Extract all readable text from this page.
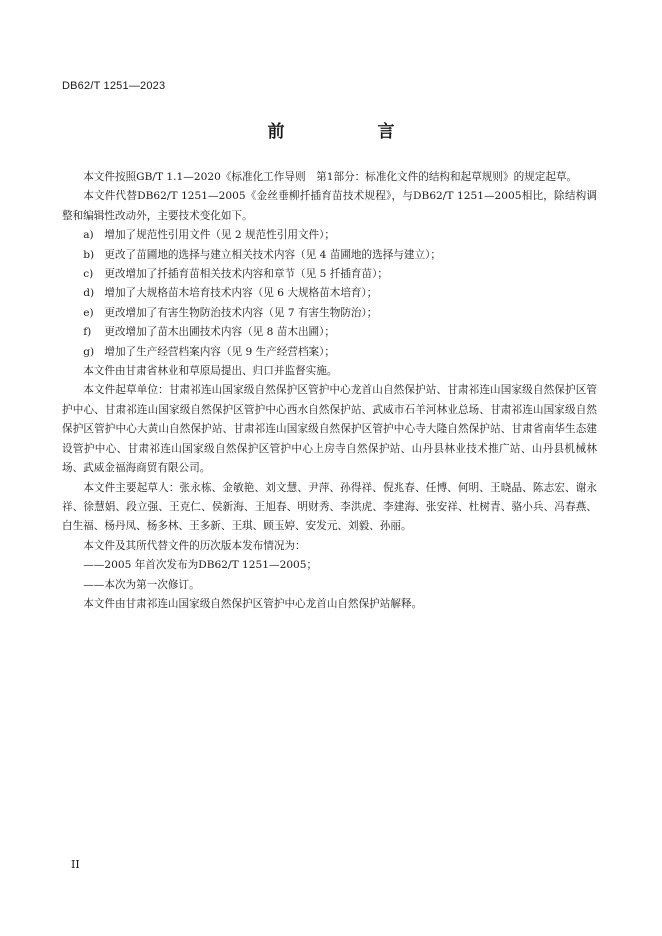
DB62/T 1251—2023
前　言

本文件按照GB/T 1.1—2020《标准化工作导则　第1部分：标准化文件的结构和起草规则》的规定起草。

本文件代替DB62/T 1251—2005《金丝垂柳扦插育苗技术规程》，与DB62/T 1251—2005相比，除结构调整和编辑性改动外，主要技术变化如下。

a)	增加了规范性引用文件（见 2 规范性引用文件）；
b) 更改了苗圃地的选择与建立相关技术内容（见 4 苗圃地的选择与建立）；
c)	更改增加了扦插育苗相关技术内容和章节（见 5 扦插育苗）；
d) 增加了大规格苗木培育技术内容（见 6 大规格苗木培育）；
e)	更改增加了有害生物防治技术内容（见 7 有害生物防治）；
f)	更改增加了苗木出圃技术内容（见 8 苗木出圃）；
g) 增加了生产经营档案内容（见 9 生产经营档案）；

本文件由甘肃省林业和草原局提出、归口并监督实施。

本文件起草单位：甘肃祁连山国家级自然保护区管护中心龙首山自然保护站、甘肃祁连山国家级自然保护区管护中心、甘肃祁连山国家级自然保护区管护中心西水自然保护站、武威市石羊河林业总场、甘肃祁连山国家级自然保护区管护中心大黄山自然保护站、甘肃祁连山国家级自然保护区管护中心寺大隆自然保护站、甘肃省南华生态建设管护中心、甘肃祁连山国家级自然保护区管护中心上房寺自然保护站、山丹县林业技术推广站、山丹县机械林场、武威金福海商贸有限公司。

本文件主要起草人：张永栋、金敏艳、刘文慧、尹萍、孙得祥、倪兆春、任博、何明、王晓晶、陈志宏、谢永祥、徐慧娟、段立强、王克仁、侯新海、王旭春、明财秀、李洪虎、李建海、张安祥、杜树青、骆小兵、冯春燕、白生福、杨丹凤、杨多林、王多新、王琪、顾玉婷、安发元、刘毅、孙丽。

本文件及其所代替文件的历次版本发布情况为：

——2005 年首次发布为DB62/T 1251—2005；

——本次为第一次修订。

本文件由甘肃祁连山国家级自然保护区管护中心龙首山自然保护站解释。

II
